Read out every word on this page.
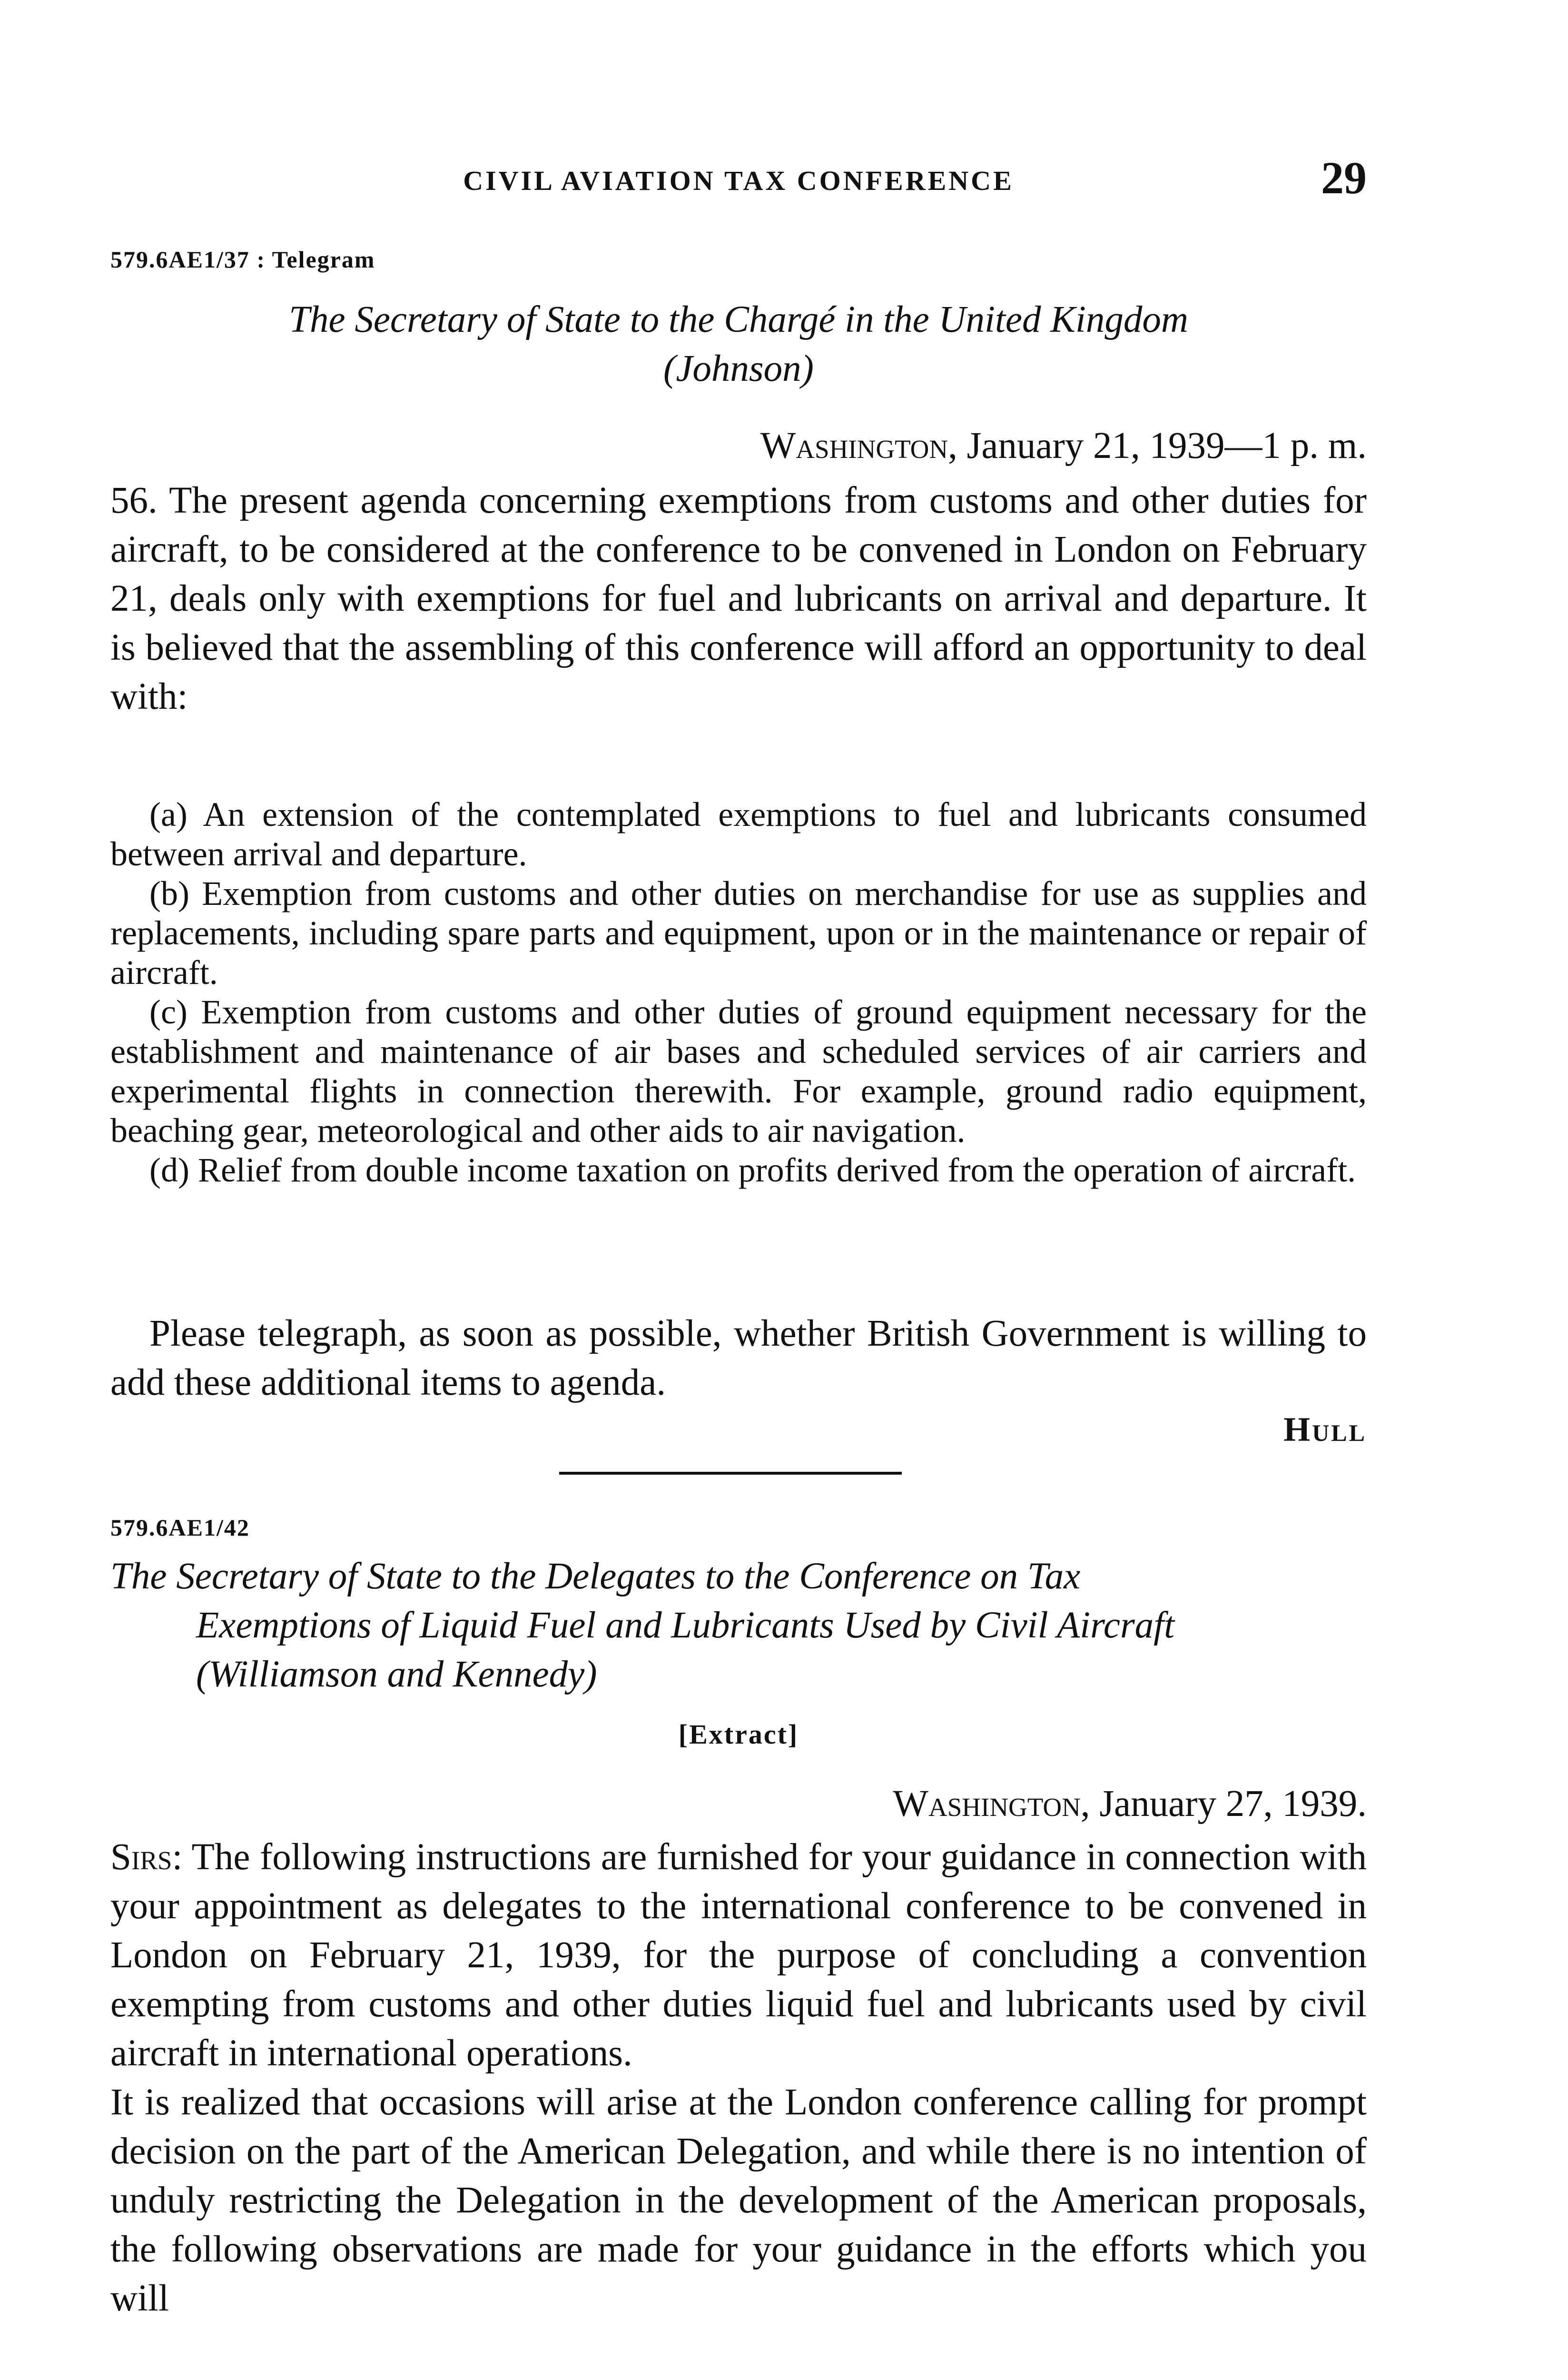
CIVIL AVIATION TAX CONFERENCE	29
579.6AE1/37 : Telegram
The Secretary of State to the Chargé in the United Kingdom
(Johnson)
Washington, January 21, 1939—1 p. m.

56. The present agenda concerning exemptions from customs and other duties for aircraft, to be considered at the conference to be convened in London on February 21, deals only with exemptions for fuel and lubricants on arrival and departure. It is believed that the assembling of this conference will afford an opportunity to deal with:

(a) An extension of the contemplated exemptions to fuel and lubricants consumed between arrival and departure.

(b) Exemption from customs and other duties on merchandise for use as supplies and replacements, including spare parts and equipment, upon or in the maintenance or repair of aircraft.

(c) Exemption from customs and other duties of ground equipment necessary for the establishment and maintenance of air bases and scheduled services of air carriers and experimental flights in connection therewith. For example, ground radio equipment, beaching gear, meteorological and other aids to air navigation.

(d) Relief from double income taxation on profits derived from the operation of aircraft.

Please telegraph, as soon as possible, whether British Government is willing to add these additional items to agenda.

Hull
579.6AE1/42
The Secretary of State to the Delegates to the Conference on Tax
Exemptions of Liquid Fuel and Lubricants Used by Civil Aircraft
(Williamson and Kennedy)
[Extract]
Washington, January 27, 1939.

Sirs: The following instructions are furnished for your guidance in connection with your appointment as delegates to the international conference to be convened in London on February 21, 1939, for the purpose of concluding a convention exempting from customs and other duties liquid fuel and lubricants used by civil aircraft in international operations.

It is realized that occasions will arise at the London conference calling for prompt decision on the part of the American Delegation, and while there is no intention of unduly restricting the Delegation in the development of the American proposals, the following observations are made for your guidance in the efforts which you will
